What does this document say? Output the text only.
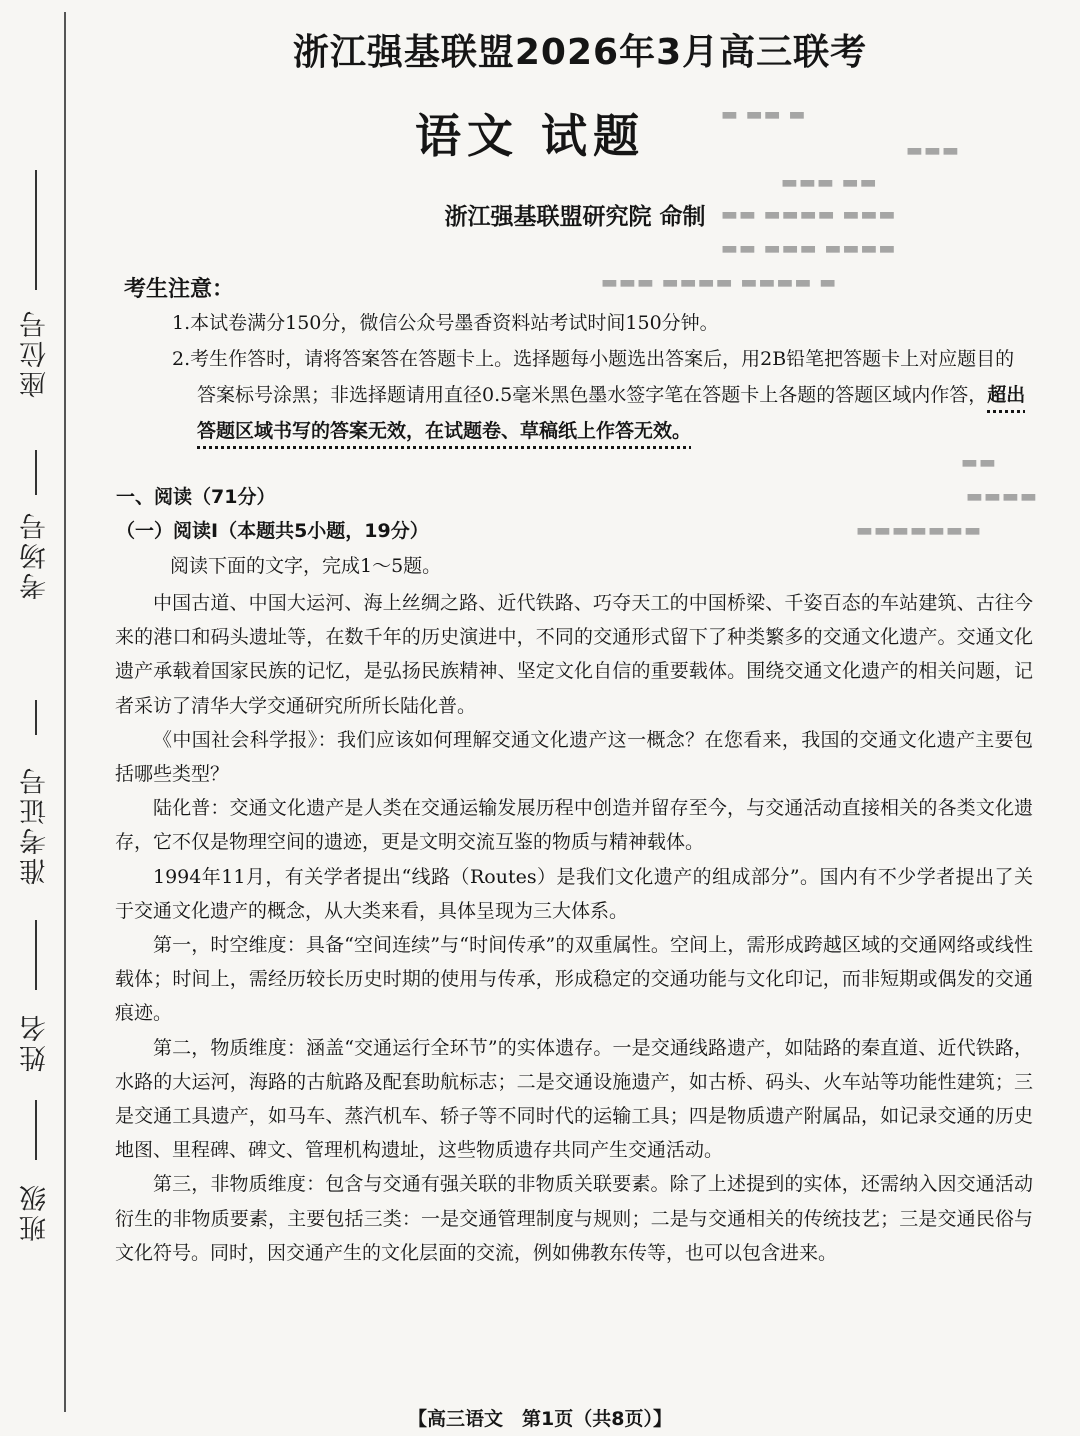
座位号
考场号
准考证号
姓名
班级
浙江强基联盟2026年3月高三联考
语文 试题
浙江强基联盟研究院 命制
▬ ▬▬ ▬
▬▬▬
▬▬ ▬▬▬
▬▬▬ ▬▬▬▬ ▬▬
▬▬▬▬ ▬▬▬ ▬▬
▬ ▬▬▬▬ ▬▬▬▬ ▬▬▬
▬▬
▬▬▬▬
▬▬▬▬▬▬▬
考生注意：

1.本试卷满分150分，微信公众号墨香资料站考试时间150分钟。

2.考生作答时，请将答案答在答题卡上。选择题每小题选出答案后，用2B铅笔把答题卡上对应题目的答案标号涂黑；非选择题请用直径0.5毫米黑色墨水签字笔在答题卡上各题的答题区域内作答，超出答题区域书写的答案无效，在试题卷、草稿纸上作答无效。

一、阅读（71分）
（一）阅读Ⅰ（本题共5小题，19分）
阅读下面的文字，完成1～5题。

中国古道、中国大运河、海上丝绸之路、近代铁路、巧夺天工的中国桥梁、千姿百态的车站建筑、古往今来的港口和码头遗址等，在数千年的历史演进中，不同的交通形式留下了种类繁多的交通文化遗产。交通文化遗产承载着国家民族的记忆，是弘扬民族精神、坚定文化自信的重要载体。围绕交通文化遗产的相关问题，记者采访了清华大学交通研究所所长陆化普。

《中国社会科学报》：我们应该如何理解交通文化遗产这一概念？在您看来，我国的交通文化遗产主要包括哪些类型？

陆化普：交通文化遗产是人类在交通运输发展历程中创造并留存至今，与交通活动直接相关的各类文化遗存，它不仅是物理空间的遗迹，更是文明交流互鉴的物质与精神载体。

1994年11月，有关学者提出“线路（Routes）是我们文化遗产的组成部分”。国内有不少学者提出了关于交通文化遗产的概念，从大类来看，具体呈现为三大体系。

第一，时空维度：具备“空间连续”与“时间传承”的双重属性。空间上，需形成跨越区域的交通网络或线性载体；时间上，需经历较长历史时期的使用与传承，形成稳定的交通功能与文化印记，而非短期或偶发的交通痕迹。

第二，物质维度：涵盖“交通运行全环节”的实体遗存。一是交通线路遗产，如陆路的秦直道、近代铁路，水路的大运河，海路的古航路及配套助航标志；二是交通设施遗产，如古桥、码头、火车站等功能性建筑；三是交通工具遗产，如马车、蒸汽机车、轿子等不同时代的运输工具；四是物质遗产附属品，如记录交通的历史地图、里程碑、碑文、管理机构遗址，这些物质遗存共同产生交通活动。

第三，非物质维度：包含与交通有强关联的非物质关联要素。除了上述提到的实体，还需纳入因交通活动衍生的非物质要素，主要包括三类：一是交通管理制度与规则；二是与交通相关的传统技艺；三是交通民俗与文化符号。同时，因交通产生的文化层面的交流，例如佛教东传等，也可以包含进来。

【高三语文　第1页（共8页）】
